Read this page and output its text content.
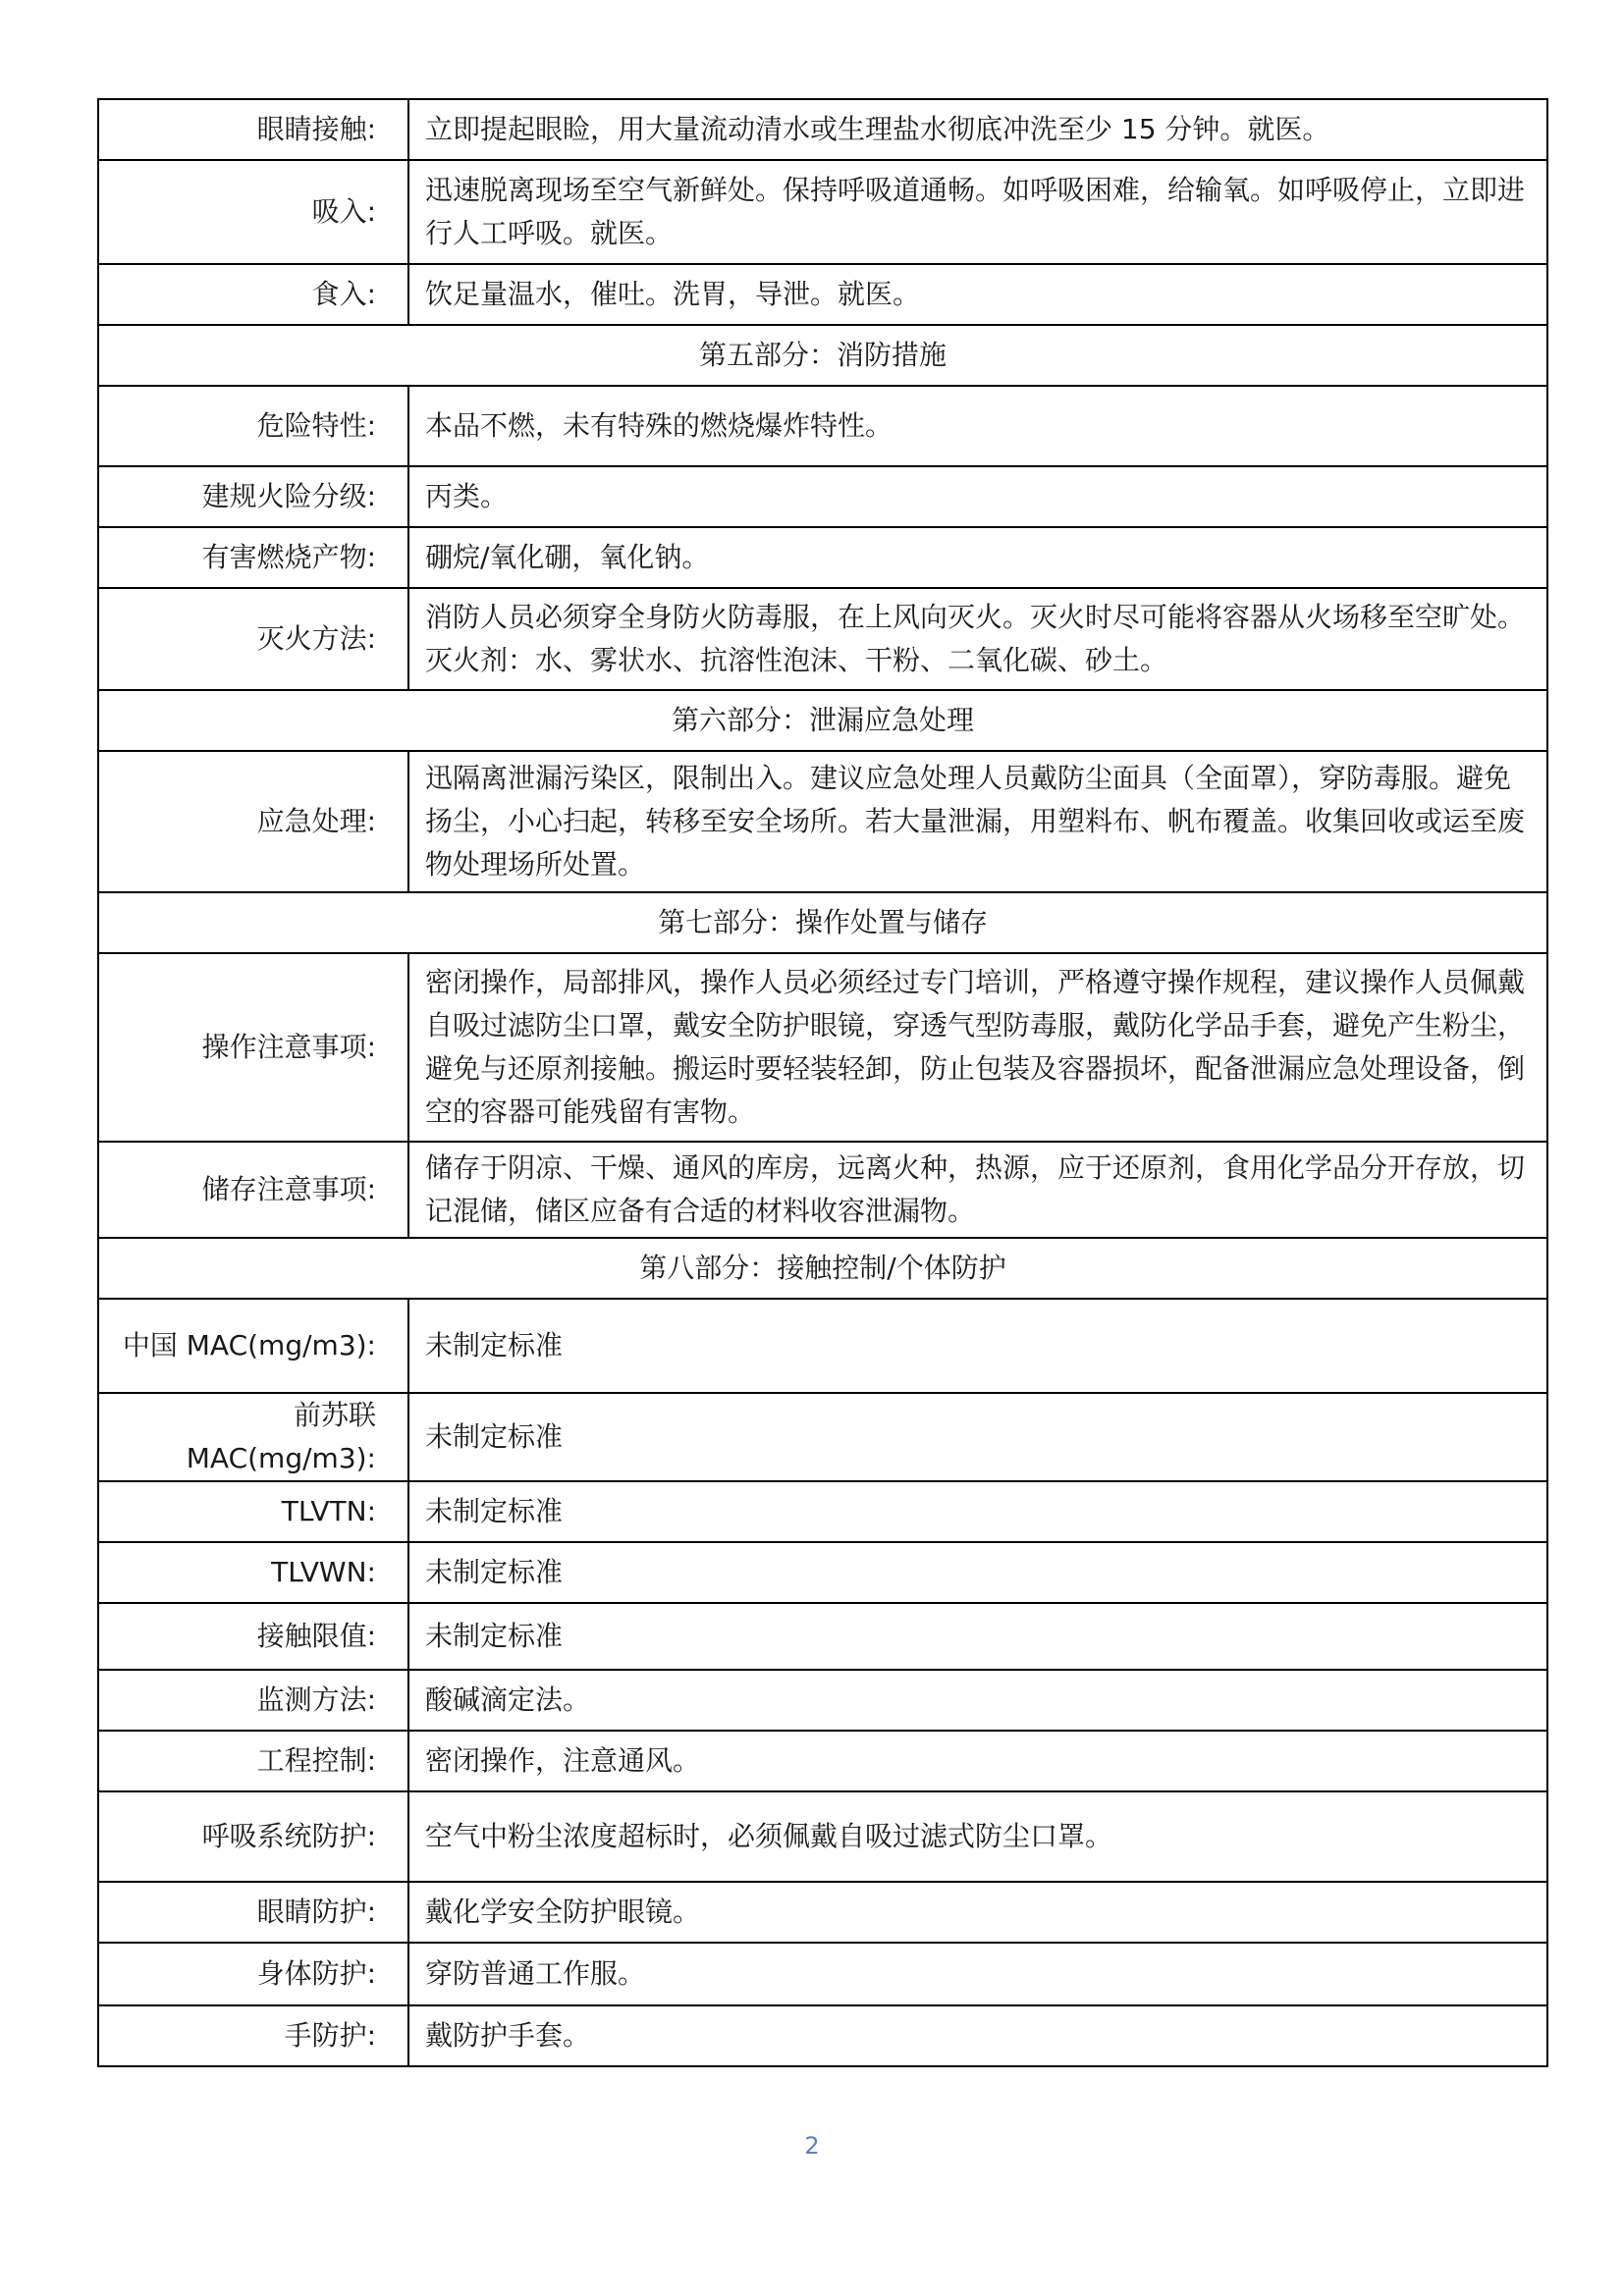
眼睛接触:	立即提起眼睑，用大量流动清水或生理盐水彻底冲洗至少 15 分钟。就医。
吸入:	迅速脱离现场至空气新鲜处。保持呼吸道通畅。如呼吸困难，给输氧。如呼吸停止，立即进行人工呼吸。就医。
食入:	饮足量温水，催吐。洗胃，导泄。就医。
第五部分：消防措施	
危险特性:	本品不燃，未有特殊的燃烧爆炸特性。
建规火险分级:	丙类。
有害燃烧产物:	硼烷/氧化硼，氧化钠。
灭火方法:	消防人员必须穿全身防火防毒服，在上风向灭火。灭火时尽可能将容器从火场移至空旷处。灭火剂：水、雾状水、抗溶性泡沫、干粉、二氧化碳、砂土。
第六部分：泄漏应急处理	
应急处理:	迅隔离泄漏污染区，限制出入。建议应急处理人员戴防尘面具（全面罩），穿防毒服。避免扬尘，小心扫起，转移至安全场所。若大量泄漏，用塑料布、帆布覆盖。收集回收或运至废物处理场所处置。
第七部分：操作处置与储存	
操作注意事项:	密闭操作，局部排风，操作人员必须经过专门培训，严格遵守操作规程，建议操作人员佩戴自吸过滤防尘口罩，戴安全防护眼镜，穿透气型防毒服，戴防化学品手套，避免产生粉尘，避免与还原剂接触。搬运时要轻装轻卸，防止包装及容器损坏，配备泄漏应急处理设备，倒空的容器可能残留有害物。
储存注意事项:	储存于阴凉、干燥、通风的库房，远离火种，热源，应于还原剂，食用化学品分开存放，切记混储，储区应备有合适的材料收容泄漏物。
第八部分：接触控制/个体防护	
中国 MAC(mg/m3):	未制定标准
前苏联 MAC(mg/m3):	未制定标准
TLVTN:	未制定标准
TLVWN:	未制定标准
接触限值:	未制定标准
监测方法:	酸碱滴定法。
工程控制:	密闭操作，注意通风。
呼吸系统防护:	空气中粉尘浓度超标时，必须佩戴自吸过滤式防尘口罩。
眼睛防护:	戴化学安全防护眼镜。
身体防护:	穿防普通工作服。
手防护:	戴防护手套。
2
